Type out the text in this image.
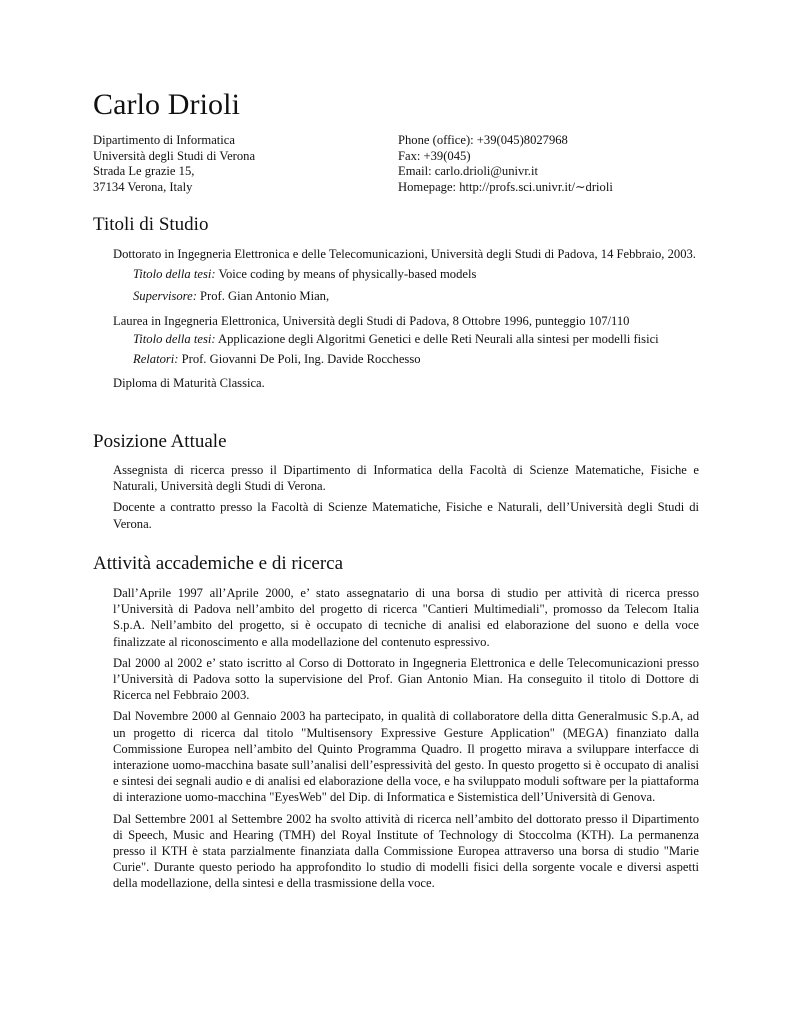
Carlo Drioli
Dipartimento di Informatica
Università degli Studi di Verona
Strada Le grazie 15,
37134 Verona, Italy
Phone (office): +39(045)8027968
Fax: +39(045)
Email: carlo.drioli@univr.it
Homepage: http://profs.sci.univr.it/∼drioli
Titoli di Studio

Dottorato in Ingegneria Elettronica e delle Telecomunicazioni, Università degli Studi di Padova, 14 Febbraio, 2003.

Titolo della tesi: Voice coding by means of physically-based models

Supervisore: Prof. Gian Antonio Mian,

Laurea in Ingegneria Elettronica, Università degli Studi di Padova, 8 Ottobre 1996, punteggio 107/110

Titolo della tesi: Applicazione degli Algoritmi Genetici e delle Reti Neurali alla sintesi per modelli fisici

Relatori: Prof. Giovanni De Poli, Ing. Davide Rocchesso

Diploma di Maturità Classica.

Posizione Attuale

Assegnista di ricerca presso il Dipartimento di Informatica della Facoltà di Scienze Matematiche, Fisiche e Naturali, Università degli Studi di Verona.

Docente a contratto presso la Facoltà di Scienze Matematiche, Fisiche e Naturali, dell’Università degli Studi di Verona.

Attività accademiche e di ricerca

Dall’Aprile 1997 all’Aprile 2000, e’ stato assegnatario di una borsa di studio per attività di ricerca presso l’Università di Padova nell’ambito del progetto di ricerca "Cantieri Multimediali", promosso da Telecom Italia S.p.A. Nell’ambito del progetto, si è occupato di tecniche di analisi ed elaborazione del suono e della voce finalizzate al riconoscimento e alla modellazione del contenuto espressivo.

Dal 2000 al 2002 e’ stato iscritto al Corso di Dottorato in Ingegneria Elettronica e delle Telecomunicazioni presso l’Università di Padova sotto la supervisione del Prof. Gian Antonio Mian. Ha conseguito il titolo di Dottore di Ricerca nel Febbraio 2003.

Dal Novembre 2000 al Gennaio 2003 ha partecipato, in qualità di collaboratore della ditta Generalmusic S.p.A, ad un progetto di ricerca dal titolo "Multisensory Expressive Gesture Application" (MEGA) finanziato dalla Commissione Europea nell’ambito del Quinto Programma Quadro. Il progetto mirava a sviluppare interfacce di interazione uomo-macchina basate sull’analisi dell’espressività del gesto. In questo progetto si è occupato di analisi e sintesi dei segnali audio e di analisi ed elaborazione della voce, e ha sviluppato moduli software per la piattaforma di interazione uomo-macchina "EyesWeb" del Dip. di Informatica e Sistemistica dell’Università di Genova.

Dal Settembre 2001 al Settembre 2002 ha svolto attività di ricerca nell’ambito del dottorato presso il Dipartimento di Speech, Music and Hearing (TMH) del Royal Institute of Technology di Stoccolma (KTH). La permanenza presso il KTH è stata parzialmente finanziata dalla Commissione Europea attraverso una borsa di studio "Marie Curie". Durante questo periodo ha approfondito lo studio di modelli fisici della sorgente vocale e diversi aspetti della modellazione, della sintesi e della trasmissione della voce.
